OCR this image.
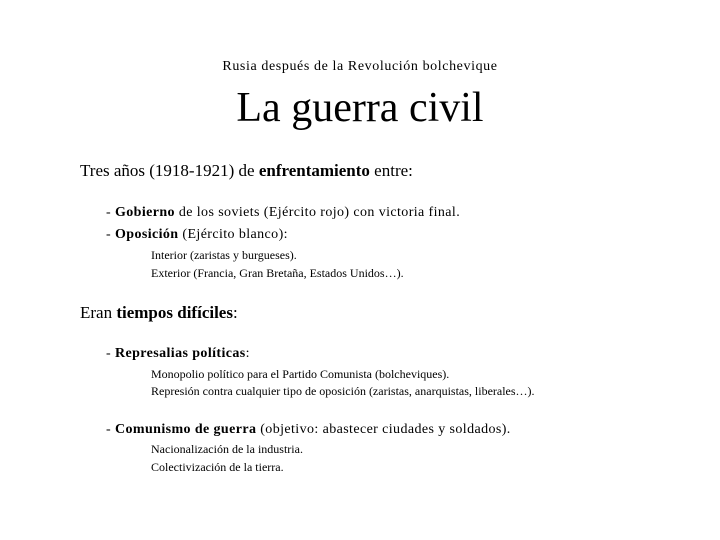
Rusia después de la Revolución bolchevique
La guerra civil
Tres años (1918-1921) de enfrentamiento entre:
- Gobierno de los soviets (Ejército rojo) con victoria final.
- Oposición (Ejército blanco):
Interior (zaristas y burgueses).
Exterior (Francia, Gran Bretaña, Estados Unidos…).
Eran tiempos difíciles:
- Represalias políticas:
Monopolio político para el Partido Comunista (bolcheviques).
Represión contra cualquier tipo de oposición (zaristas, anarquistas, liberales…).
- Comunismo de guerra (objetivo: abastecer ciudades y soldados).
Nacionalización de la industria.
Colectivización de la tierra.
